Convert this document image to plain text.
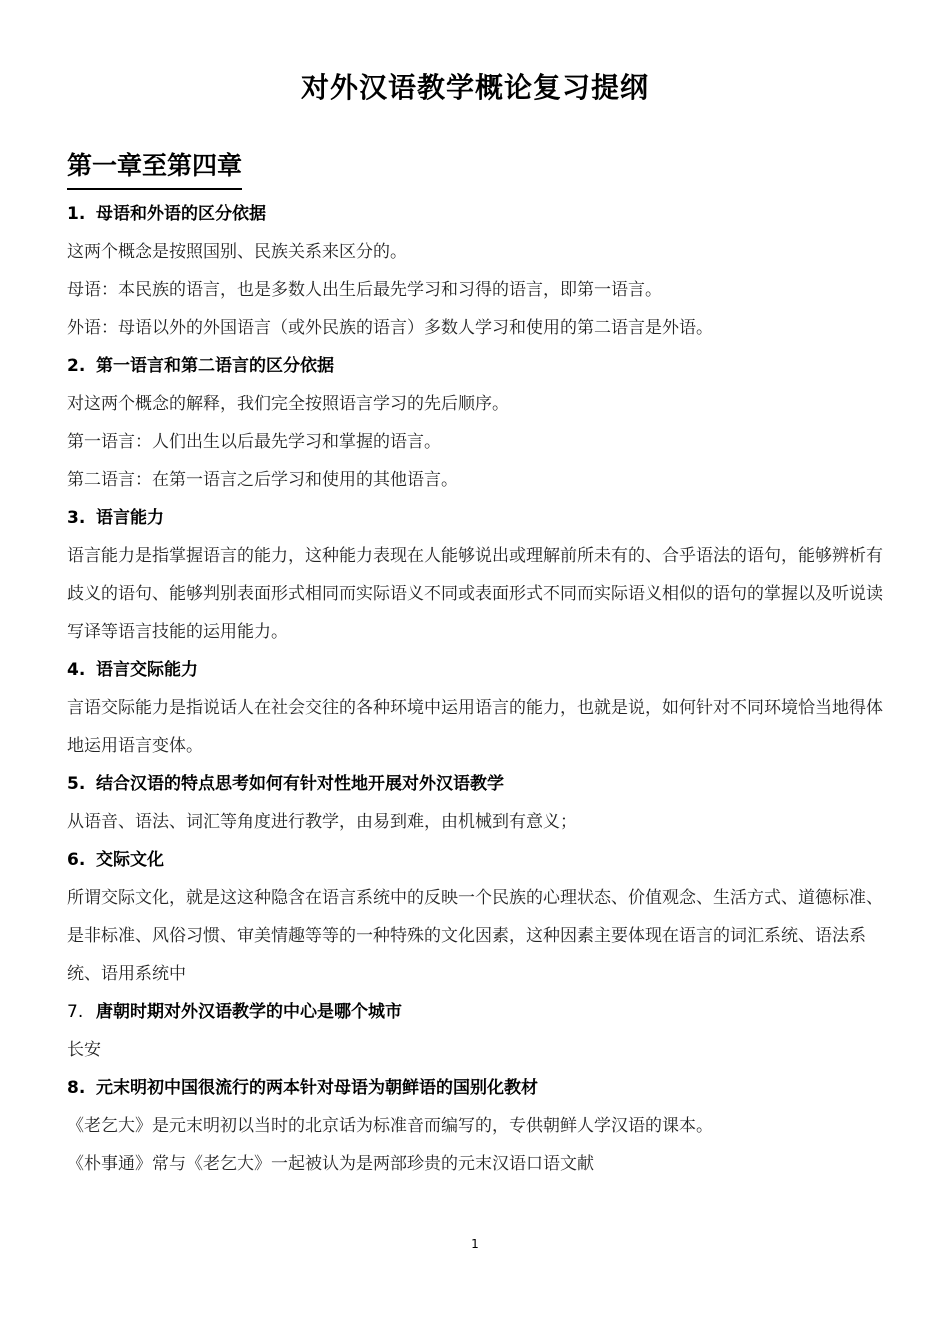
对外汉语教学概论复习提纲
第一章至第四章
1. 母语和外语的区分依据

这两个概念是按照国别、民族关系来区分的。

母语：本民族的语言，也是多数人出生后最先学习和习得的语言，即第一语言。

外语：母语以外的外国语言（或外民族的语言）多数人学习和使用的第二语言是外语。

2. 第一语言和第二语言的区分依据

对这两个概念的解释，我们完全按照语言学习的先后顺序。

第一语言：人们出生以后最先学习和掌握的语言。

第二语言：在第一语言之后学习和使用的其他语言。

3. 语言能力

语言能力是指掌握语言的能力，这种能力表现在人能够说出或理解前所未有的、合乎语法的语句，能够辨析有歧义的语句、能够判别表面形式相同而实际语义不同或表面形式不同而实际语义相似的语句的掌握以及听说读写译等语言技能的运用能力。

4. 语言交际能力

言语交际能力是指说话人在社会交往的各种环境中运用语言的能力，也就是说，如何针对不同环境恰当地得体地运用语言变体。

5. 结合汉语的特点思考如何有针对性地开展对外汉语教学

从语音、语法、词汇等角度进行教学，由易到难，由机械到有意义；

6. 交际文化

所谓交际文化，就是这这种隐含在语言系统中的反映一个民族的心理状态、价值观念、生活方式、道德标准、是非标准、风俗习惯、审美情趣等等的一种特殊的文化因素，这种因素主要体现在语言的词汇系统、语法系统、语用系统中

7. 唐朝时期对外汉语教学的中心是哪个城市

长安

8. 元末明初中国很流行的两本针对母语为朝鲜语的国别化教材

《老乞大》是元末明初以当时的北京话为标准音而编写的，专供朝鲜人学汉语的课本。

《朴事通》常与《老乞大》一起被认为是两部珍贵的元末汉语口语文献

1
